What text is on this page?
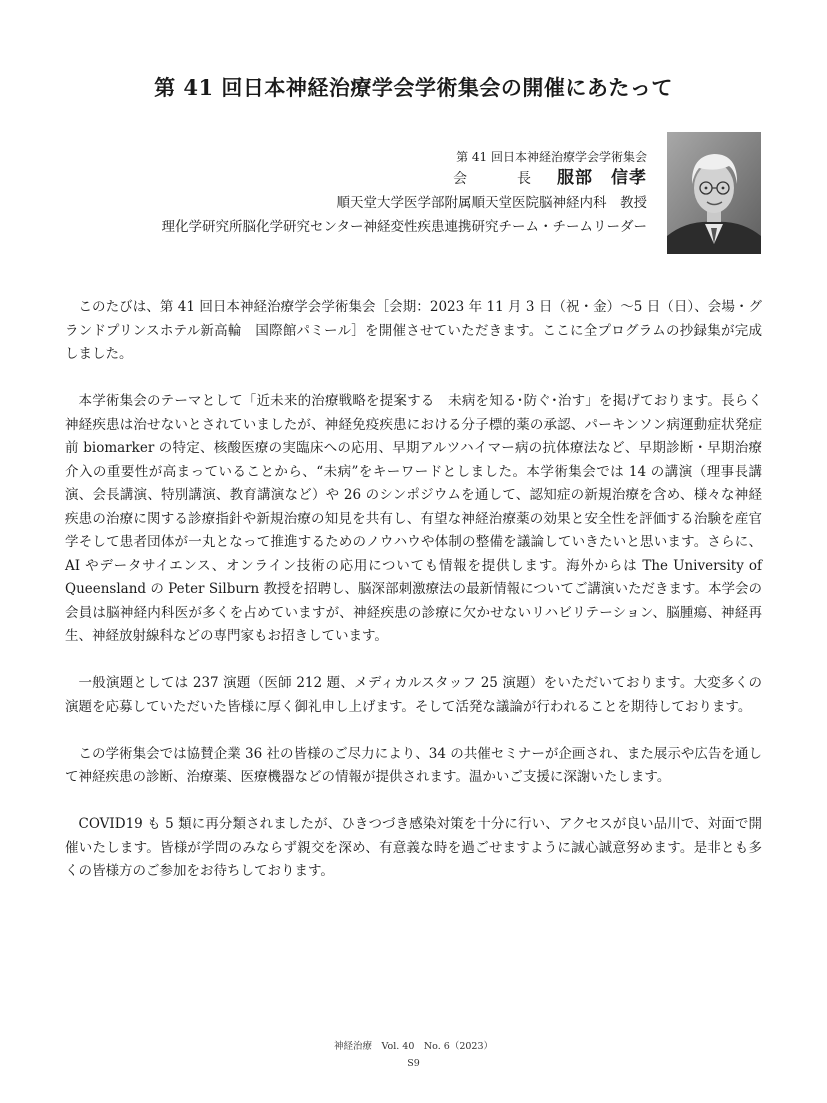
第 41 回日本神経治療学会学術集会の開催にあたって
第 41 回日本神経治療学会学術集会
会　長 服部　信孝
順天堂大学医学部附属順天堂医院脳神経内科　教授
理化学研究所脳化学研究センター神経変性疾患連携研究チーム・チームリーダー

このたびは、第 41 回日本神経治療学会学術集会［会期：2023 年 11 月 3 日（祝・金）～5 日（日）、会場・グランドプリンスホテル新高輪　国際館パミール］を開催させていただきます。ここに全プログラムの抄録集が完成しました。

本学術集会のテーマとして「近未来的治療戦略を提案する　未病を知る･防ぐ･治す」を掲げております。長らく神経疾患は治せないとされていましたが、神経免疫疾患における分子標的薬の承認、パーキンソン病運動症状発症前 biomarker の特定、核酸医療の実臨床への応用、早期アルツハイマー病の抗体療法など、早期診断・早期治療介入の重要性が高まっていることから、“未病”をキーワードとしました。本学術集会では 14 の講演（理事長講演、会長講演、特別講演、教育講演など）や 26 のシンポジウムを通して、認知症の新規治療を含め、様々な神経疾患の治療に関する診療指針や新規治療の知見を共有し、有望な神経治療薬の効果と安全性を評価する治験を産官学そして患者団体が一丸となって推進するためのノウハウや体制の整備を議論していきたいと思います。さらに、AI やデータサイエンス、オンライン技術の応用についても情報を提供します。海外からは The University of Queensland の Peter Silburn 教授を招聘し、脳深部刺激療法の最新情報についてご講演いただきます。本学会の会員は脳神経内科医が多くを占めていますが、神経疾患の診療に欠かせないリハビリテーション、脳腫瘍、神経再生、神経放射線科などの専門家もお招きしています。

一般演題としては 237 演題（医師 212 題、メディカルスタッフ 25 演題）をいただいております。大変多くの演題を応募していただいた皆様に厚く御礼申し上げます。そして活発な議論が行われることを期待しております。

この学術集会では協賛企業 36 社の皆様のご尽力により、34 の共催セミナーが企画され、また展示や広告を通して神経疾患の診断、治療薬、医療機器などの情報が提供されます。温かいご支援に深謝いたします。

COVID19 も 5 類に再分類されましたが、ひきつづき感染対策を十分に行い、アクセスが良い品川で、対面で開催いたします。皆様が学問のみならず親交を深め、有意義な時を過ごせますように誠心誠意努めます。是非とも多くの皆様方のご参加をお待ちしております。

神経治療　Vol. 40　No. 6（2023）
S9
